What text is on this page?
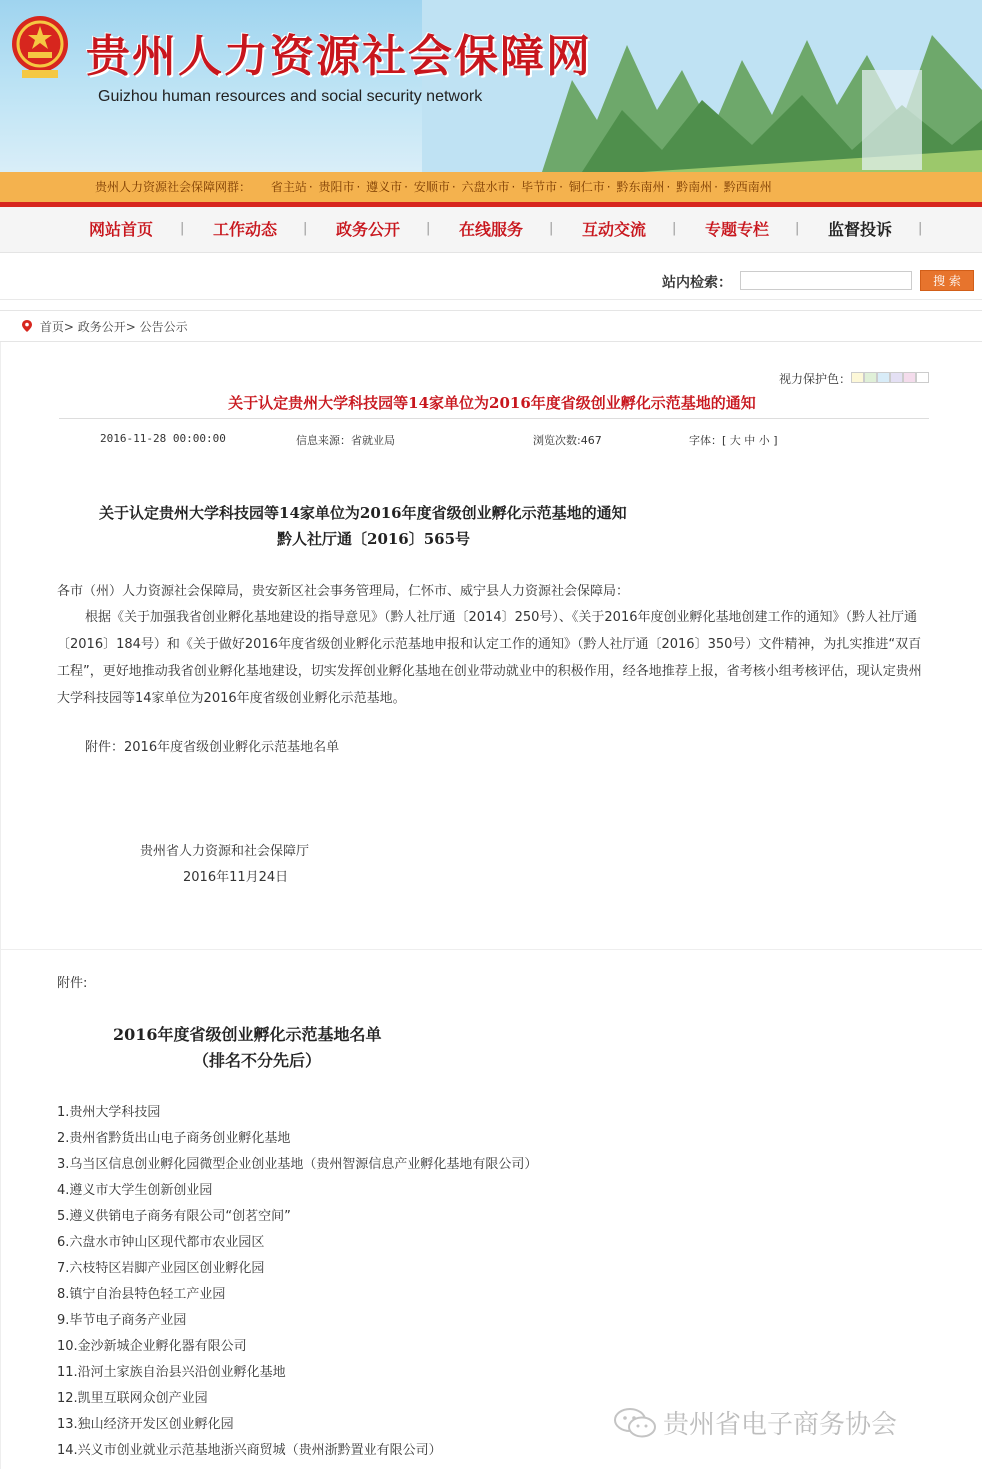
贵州人力资源社会保障网
Guizhou human resources and social security network
贵州人力资源社会保障网群： 省主站 · 贵阳市 · 遵义市 · 安顺市 · 六盘水市 · 毕节市 · 铜仁市 · 黔东南州 · 黔南州 · 黔西南州
网站首页 | 工作动态 | 政务公开 | 在线服务 | 互动交流 | 专题专栏 | 监督投诉 |
站内检索：	搜 索
首页> 政务公开> 公告公示
视力保护色：
关于认定贵州大学科技园等14家单位为2016年度省级创业孵化示范基地的通知
2016-11-28 00:00:00	信息来源：省就业局	浏览次数:467	字体：[ 大 中 小 ]
关于认定贵州大学科技园等14家单位为2016年度省级创业孵化示范基地的通知
黔人社厅通〔2016〕565号
各市（州）人力资源社会保障局，贵安新区社会事务管理局，仁怀市、威宁县人力资源社会保障局：
根据《关于加强我省创业孵化基地建设的指导意见》（黔人社厅通〔2014〕250号）、《关于2016年度创业孵化基地创建工作的通知》（黔人社厅通〔2016〕184号）和《关于做好2016年度省级创业孵化示范基地申报和认定工作的通知》（黔人社厅通〔2016〕350号）文件精神，为扎实推进“双百工程”，更好地推动我省创业孵化基地建设，切实发挥创业孵化基地在创业带动就业中的积极作用，经各地推荐上报，省考核小组考核评估，现认定贵州大学科技园等14家单位为2016年度省级创业孵化示范基地。
附件：2016年度省级创业孵化示范基地名单
贵州省人力资源和社会保障厅
2016年11月24日
附件:
2016年度省级创业孵化示范基地名单
（排名不分先后）
1.贵州大学科技园
2.贵州省黔货出山电子商务创业孵化基地
3.乌当区信息创业孵化园微型企业创业基地（贵州智源信息产业孵化基地有限公司）
4.遵义市大学生创新创业园
5.遵义供销电子商务有限公司“创茗空间”
6.六盘水市钟山区现代都市农业园区
7.六枝特区岩脚产业园区创业孵化园
8.镇宁自治县特色轻工产业园
9.毕节电子商务产业园
10.金沙新城企业孵化器有限公司
11.沿河土家族自治县兴沿创业孵化基地
12.凯里互联网众创产业园
13.独山经济开发区创业孵化园
14.兴义市创业就业示范基地浙兴商贸城（贵州浙黔置业有限公司）
贵州省电子商务协会
